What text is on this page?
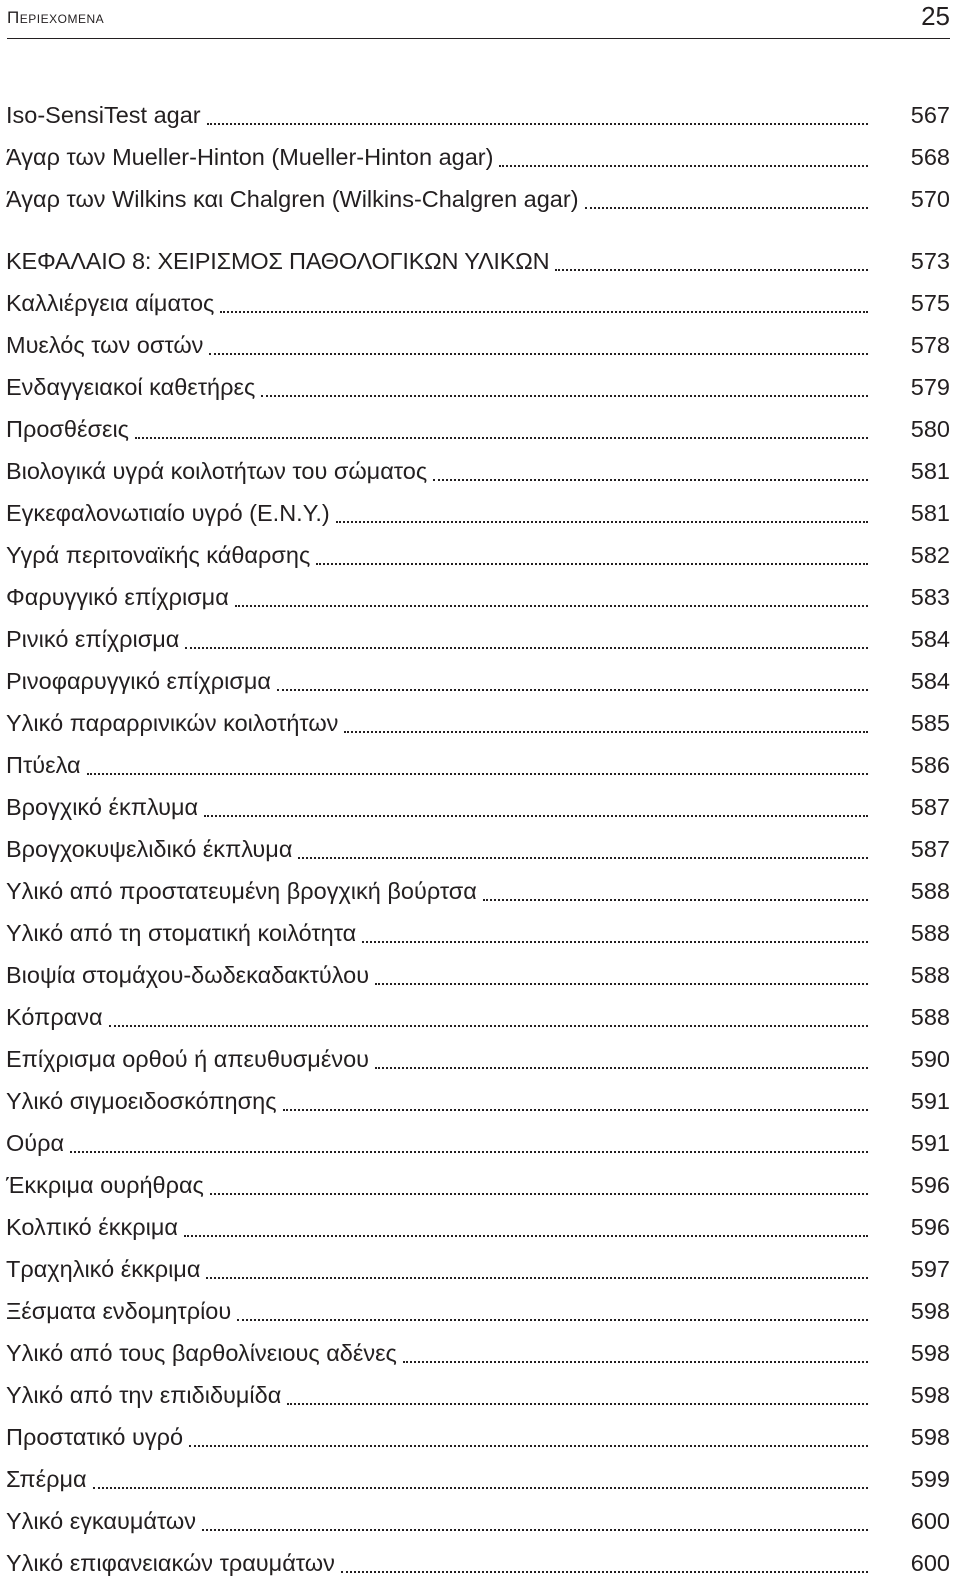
Περιεχομενα	25
Iso-SensiTest agar	567
Άγαρ των Mueller-Hinton (Mueller-Hinton agar)	568
Άγαρ των Wilkins και Chalgren (Wilkins-Chalgren agar)	570
ΚΕΦΑΛΑΙΟ 8: ΧΕΙΡΙΣΜΟΣ ΠΑΘΟΛΟΓΙΚΩΝ ΥΛΙΚΩΝ	573
Καλλιέργεια αίματος	575
Μυελός των οστών	578
Ενδαγγειακοί καθετήρες	579
Προσθέσεις	580
Βιολογικά υγρά κοιλοτήτων του σώματος	581
Εγκεφαλονωτιαίο υγρό (Ε.Ν.Υ.)	581
Υγρά περιτοναϊκής κάθαρσης	582
Φαρυγγικό επίχρισμα	583
Ρινικό επίχρισμα	584
Ρινοφαρυγγικό επίχρισμα	584
Υλικό παραρρινικών κοιλοτήτων	585
Πτύελα	586
Βρογχικό έκπλυμα	587
Βρογχοκυψελιδικό έκπλυμα	587
Υλικό από προστατευμένη βρογχική βούρτσα	588
Υλικό από τη στοματική κοιλότητα	588
Βιοψία στομάχου-δωδεκαδακτύλου	588
Κόπρανα	588
Επίχρισμα ορθού ή απευθυσμένου	590
Υλικό σιγμοειδοσκόπησης	591
Ούρα	591
Έκκριμα ουρήθρας	596
Κολπικό έκκριμα	596
Τραχηλικό έκκριμα	597
Ξέσματα ενδομητρίου	598
Υλικό από τους βαρθολίνειους αδένες	598
Υλικό από την επιδιδυμίδα	598
Προστατικό υγρό	598
Σπέρμα	599
Υλικό εγκαυμάτων	600
Υλικό επιφανειακών τραυμάτων	600
